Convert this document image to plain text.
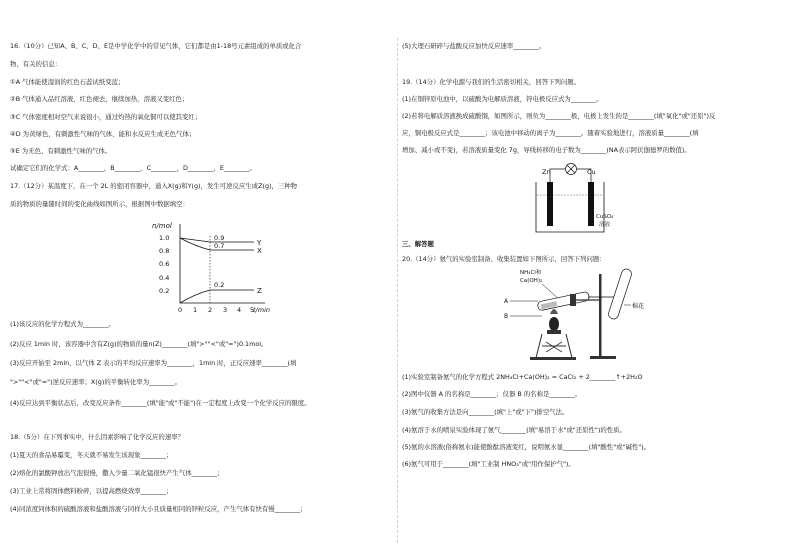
16.（10分）已知A、B、C、D、E是中学化学中的常见气体，它们都是由1-18号元素组成的单质或化合
物，有关的信息：
①A 气体能使湿润的红色石蕊试纸变蓝；
②B 气体通入品红溶液，红色褪去，继续加热，溶液又变红色；
③C 气体密度相对空气来说很小，通过灼热的氧化铜可以使其变红；
④D 为黄绿色，有刺激性气味的气体，能和水反应生成无色气体；
⑤E 为无色、有刺激性气味的气体。
试确定它们的化学式：A________，B________，C________，D________，E________。
17.（12分）某温度下，在一个 2L 的密闭容器中，通入X(g)和Y(g)，发生可逆反应生成Z(g)，三种物
质的物质的量随时间的变化曲线如图所示，根据图中数据填空：
n/mol
1.0
0.8
0.6
0.4
0.2
0.9
0.7
0.2
Y
X
Z
0 1 2 3 4 5
t/min
(1)该反应的化学方程式为________。
(2)反应 1min 时，该容器中含有Z(g)的物质的量n(Z)________(填">""<"或"=")0.1mol。
(3)反应开始至 2min，以气体 Z 表示的平均反应速率为________，1min 时，正反应速率________(填
">""<"或"=")逆反应速率；X(g)的平衡转化率为________。
(4)反应达到平衡状态后，改变反应条件________(填"能"或"不能")在一定程度上改变一个化学反应的限度。
18.（5分）在下列事实中，什么因素影响了化学反应的速率？
(1)夏天的食品易霉变，冬天就不易发生该现象________；
(2)熔化的氯酸钾放出气泡很慢，撒入少量二氧化锰很快产生气体________；
(3)工业上常将固体燃料粉碎，以提高燃烧效率________；
(4)同浓度同体积的硫酸溶液和盐酸溶液与同样大小且质量相同的锌粒反应，产生气体有快有慢________；
(5)大理石研碎与盐酸反应加快反应速率________。
19.（14分）化学电源与我们的生活密切相关，回答下列问题。
(1)在铜锌原电池中，以硫酸为电解质溶液，锌电极反应式为________。
(2)若将电解质溶液换成硫酸铜，如图所示，则负为________极，电极上发生的是________(填"氧化"或"还原")反
应，铜电极反应式是________；该电池中移动的离子为________。随着实验地进行，溶液质量________(填
增加、减小或不变)，若溶液质量变化 7g，导线转移的电子数为________(NA表示阿伏伽德罗的数值)。
Zn	Cu
CuSO₄
溶液
三、解答题
20.（14分）氨气的实验室制备、收集装置如下图所示，回答下列问题：
NH₄Cl和
Ca(OH)₂
A
B
棉花
(1)实验室制备氨气的化学方程式 2NH₄Cl+Ca(OH)₂ = CaCl₂ + 2________↑+2H₂O
(2)图中仪器 A 的名称是________；仪器 B 的名称是________。
(3)氨气的收集方法是向________(填"上"或"下")排空气法。
(4)氨溶于水的喷泉实验体现了氨气________(填"易溶于水"或"还原性")的性质。
(5)氨的水溶液(俗称氨水)能使酚酞溶液变红，说明氨水显________(填"酸性"或"碱性")。
(6)氨气可用于________(填"工业制 HNO₃"或"用作保护气")。
